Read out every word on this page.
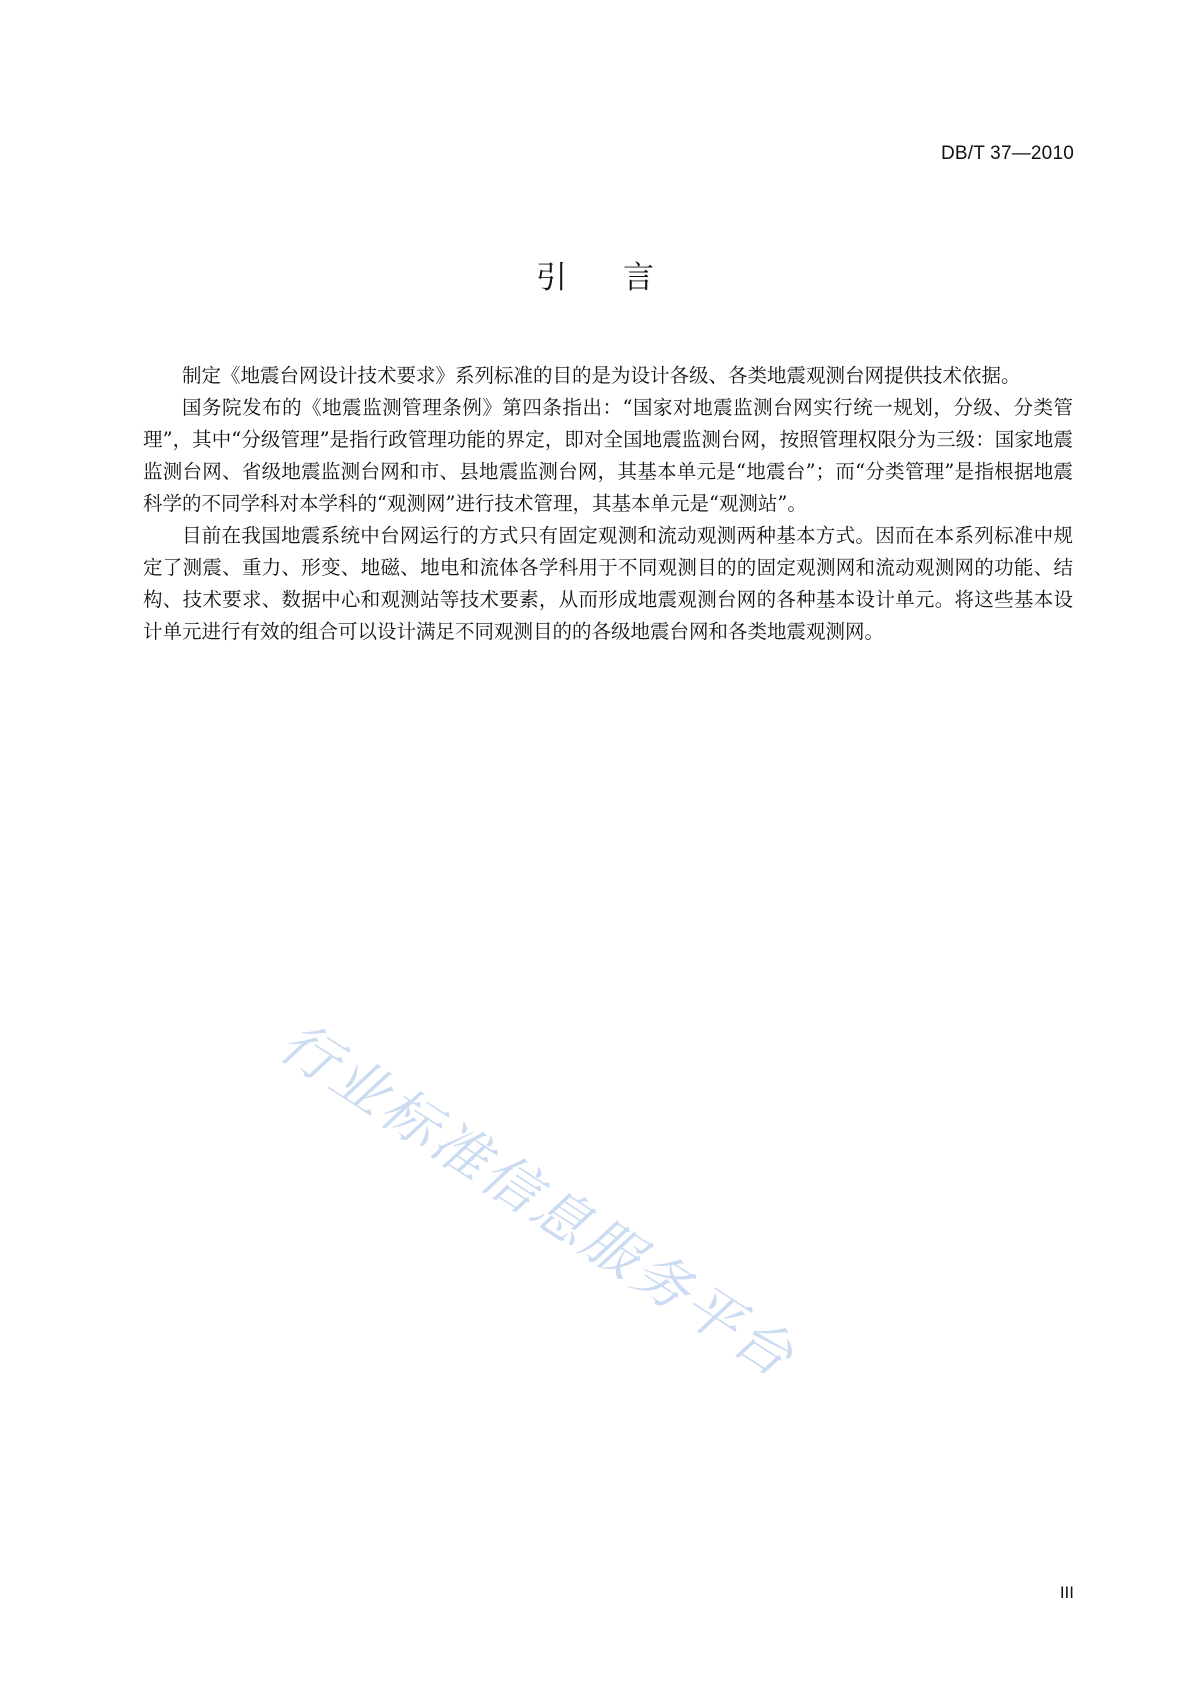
DB/T 37—2010
引言

制定《地震台网设计技术要求》系列标准的目的是为设计各级、各类地震观测台网提供技术依据。

国务院发布的《地震监测管理条例》第四条指出：“国家对地震监测台网实行统一规划，分级、分类管理”，其中“分级管理”是指行政管理功能的界定，即对全国地震监测台网，按照管理权限分为三级：国家地震监测台网、省级地震监测台网和市、县地震监测台网，其基本单元是“地震台”；而“分类管理”是指根据地震科学的不同学科对本学科的“观测网”进行技术管理，其基本单元是“观测站”。

目前在我国地震系统中台网运行的方式只有固定观测和流动观测两种基本方式。因而在本系列标准中规定了测震、重力、形变、地磁、地电和流体各学科用于不同观测目的的固定观测网和流动观测网的功能、结构、技术要求、数据中心和观测站等技术要素，从而形成地震观测台网的各种基本设计单元。将这些基本设计单元进行有效的组合可以设计满足不同观测目的的各级地震台网和各类地震观测网。

行业标准信息服务平台
III
